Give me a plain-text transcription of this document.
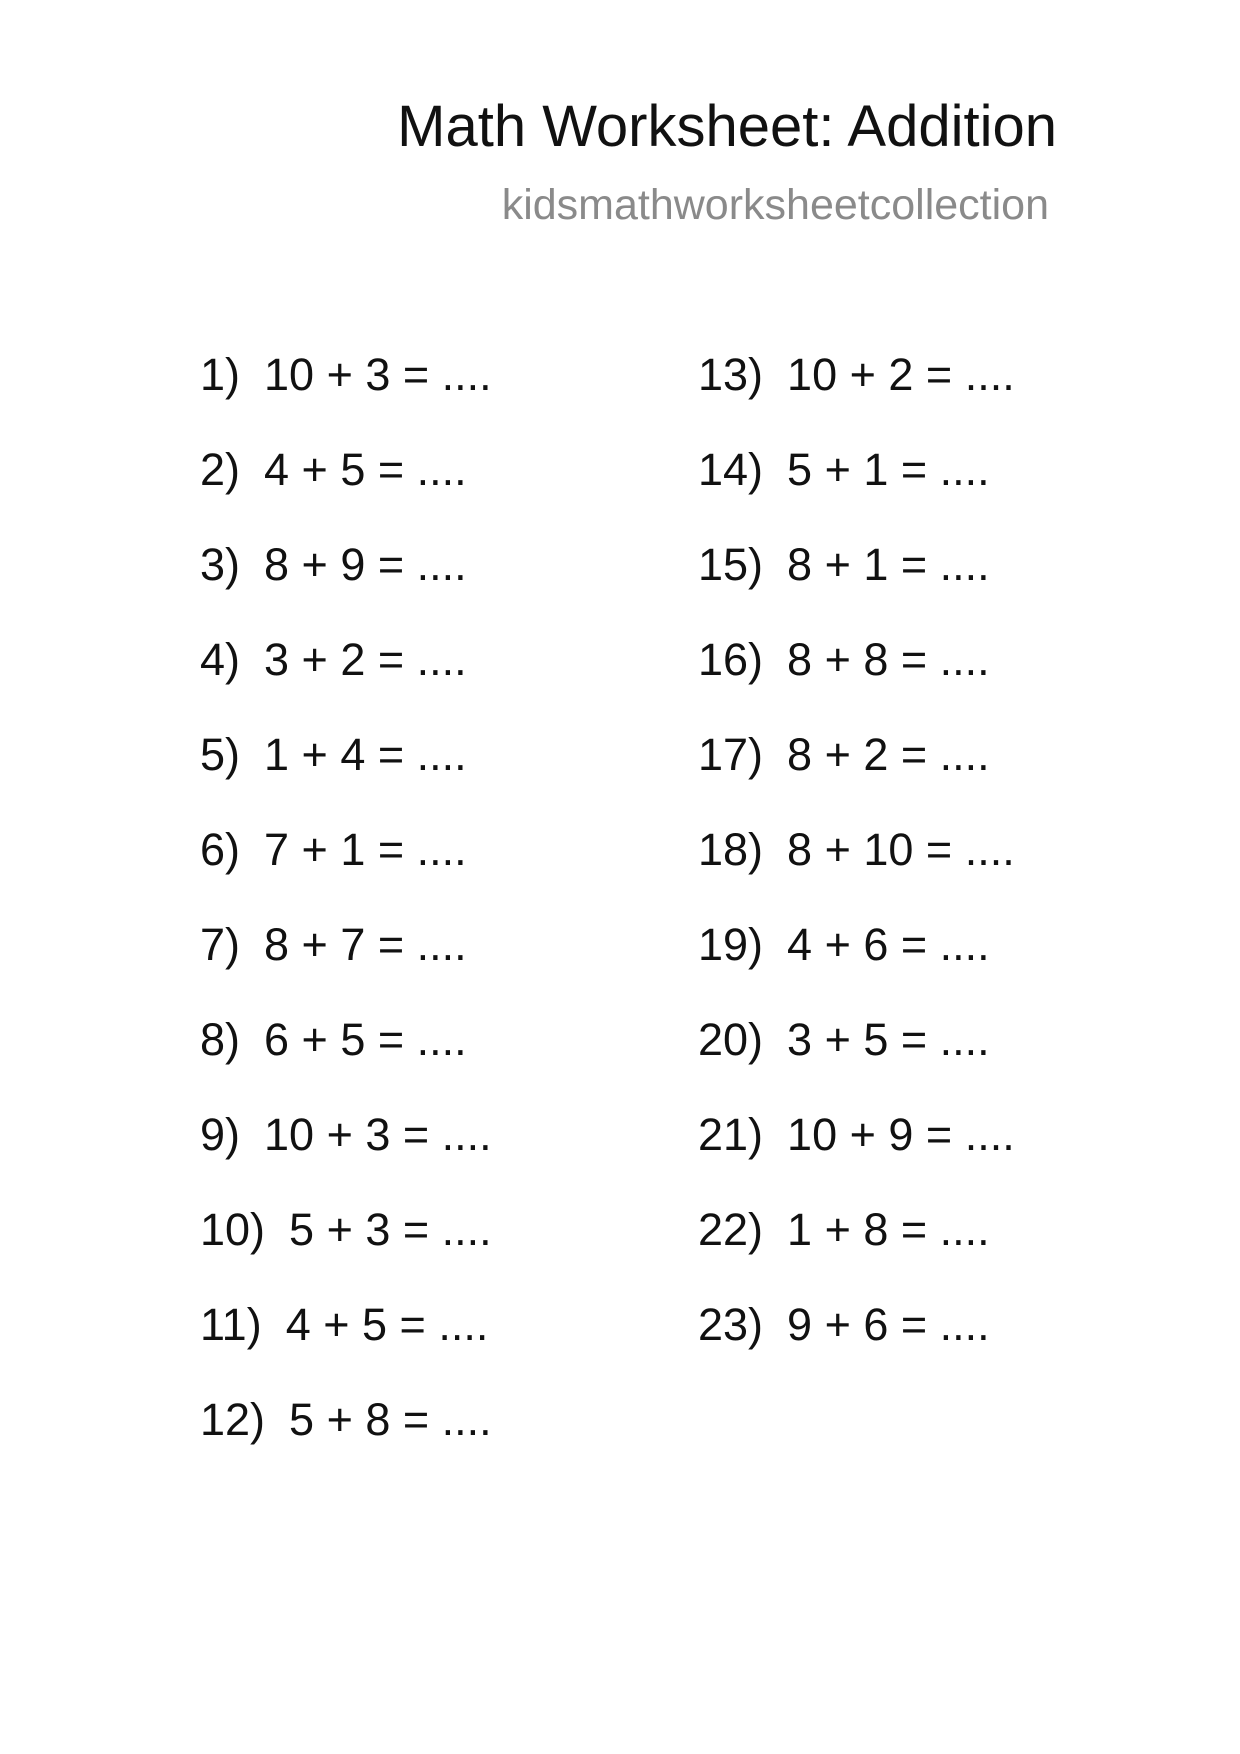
Math Worksheet: Addition
kidsmathworksheetcollection
1) 10 + 3 = ....
2) 4 + 5 = ....
3) 8 + 9 = ....
4) 3 + 2 = ....
5) 1 + 4 = ....
6) 7 + 1 = ....
7) 8 + 7 = ....
8) 6 + 5 = ....
9) 10 + 3 = ....
10) 5 + 3 = ....
11) 4 + 5 = ....
12) 5 + 8 = ....
13) 10 + 2 = ....
14) 5 + 1 = ....
15) 8 + 1 = ....
16) 8 + 8 = ....
17) 8 + 2 = ....
18) 8 + 10 = ....
19) 4 + 6 = ....
20) 3 + 5 = ....
21) 10 + 9 = ....
22) 1 + 8 = ....
23) 9 + 6 = ....
